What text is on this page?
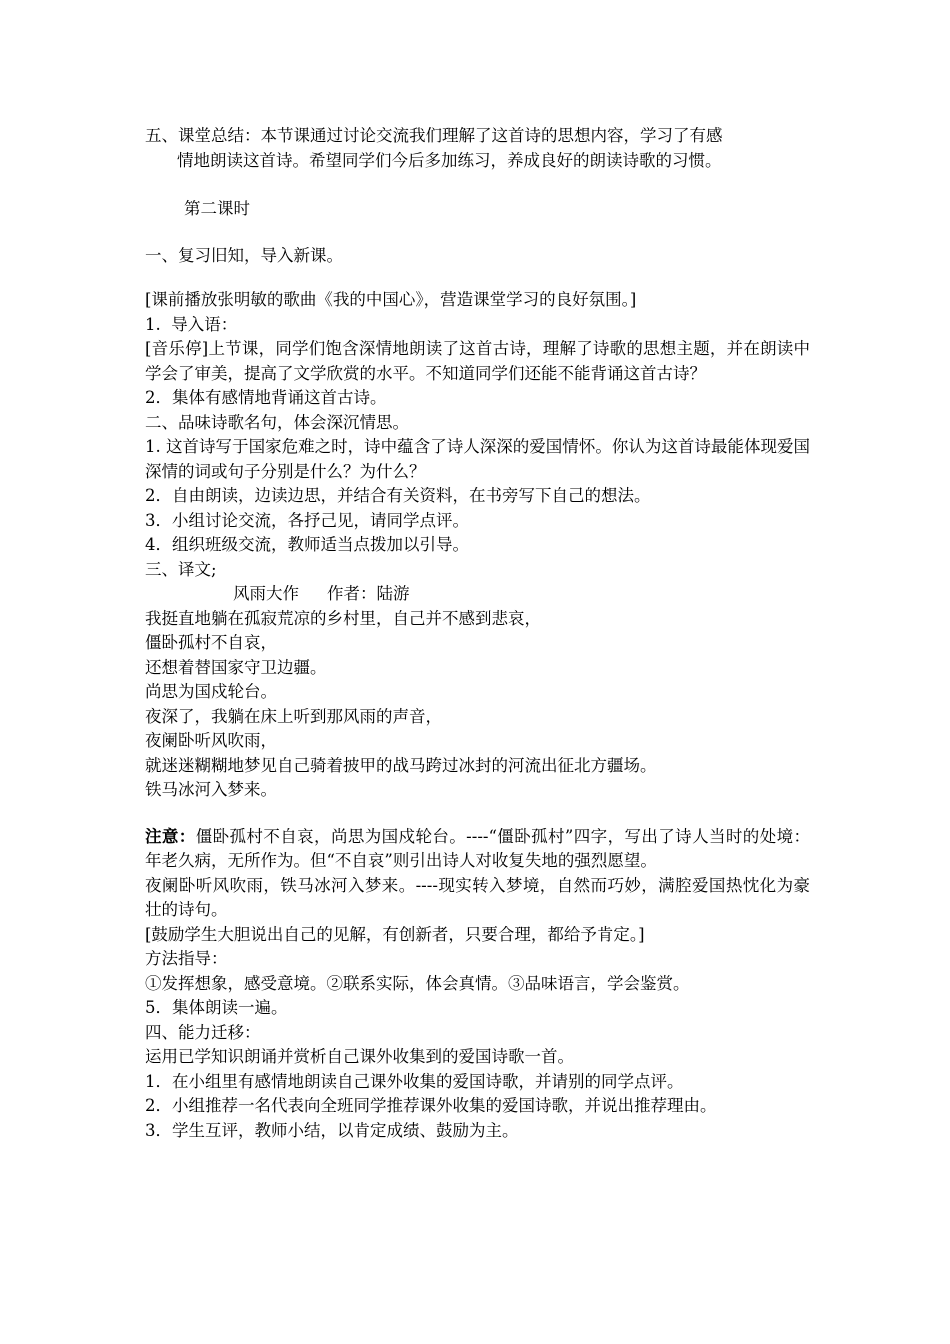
五、课堂总结：本节课通过讨论交流我们理解了这首诗的思想内容，学习了有感
情地朗读这首诗。希望同学们今后多加练习，养成良好的朗读诗歌的习惯。
第二课时
一、复习旧知，导入新课。
[课前播放张明敏的歌曲《我的中国心》，营造课堂学习的良好氛围。]
1.  导入语：
[音乐停]上节课，同学们饱含深情地朗读了这首古诗，理解了诗歌的思想主题，并在朗读中学会了审美，提高了文学欣赏的水平。不知道同学们还能不能背诵这首古诗？
2．集体有感情地背诵这首古诗。
二、品味诗歌名句，体会深沉情思。
1. 这首诗写于国家危难之时，诗中蕴含了诗人深深的爱国情怀。你认为这首诗最能体现爱国深情的词或句子分别是什么？为什么？
2．自由朗读，边读边思，并结合有关资料，在书旁写下自己的想法。
3．小组讨论交流，各抒己见，请同学点评。
4．组织班级交流，教师适当点拨加以引导。
三、译文;
风雨大作 作者：陆游
我挺直地躺在孤寂荒凉的乡村里，自己并不感到悲哀，
僵卧孤村不自哀，
还想着替国家守卫边疆。
尚思为国戍轮台。
夜深了，我躺在床上听到那风雨的声音，
夜阑卧听风吹雨，
就迷迷糊糊地梦见自己骑着披甲的战马跨过冰封的河流出征北方疆场。
铁马冰河入梦来。
注意：僵卧孤村不自哀，尚思为国戍轮台。----“僵卧孤村”四字，写出了诗人当时的处境：年老久病，无所作为。但“不自哀”则引出诗人对收复失地的强烈愿望。
夜阑卧听风吹雨，铁马冰河入梦来。----现实转入梦境，自然而巧妙，满腔爱国热忱化为豪壮的诗句。
[鼓励学生大胆说出自己的见解，有创新者，只要合理，都给予肯定。]
方法指导：
①发挥想象，感受意境。②联系实际，体会真情。③品味语言，学会鉴赏。
5．集体朗读一遍。
四、能力迁移：
运用已学知识朗诵并赏析自己课外收集到的爱国诗歌一首。
1．在小组里有感情地朗读自己课外收集的爱国诗歌，并请别的同学点评。
2．小组推荐一名代表向全班同学推荐课外收集的爱国诗歌，并说出推荐理由。
3．学生互评，教师小结，以肯定成绩、鼓励为主。
